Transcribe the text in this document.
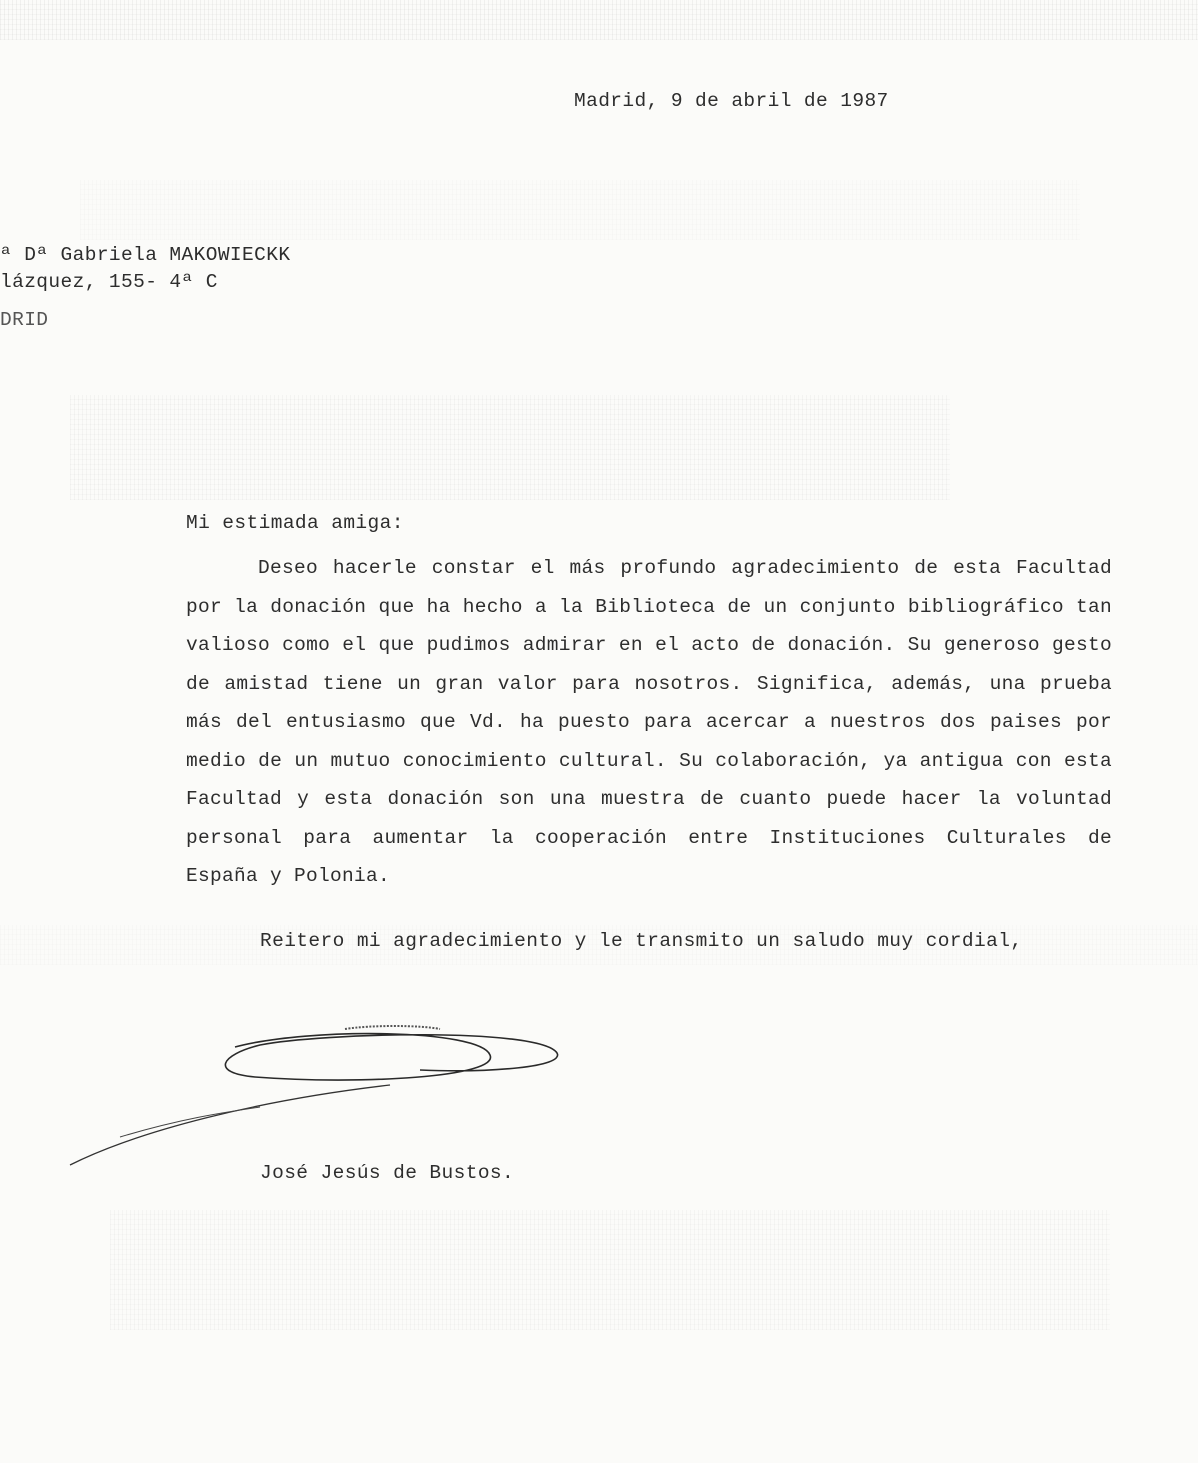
Madrid, 9 de abril de 1987
ª Dª Gabriela MAKOWIECKK
lázquez, 155- 4ª C
DRID
Mi estimada amiga:
Deseo hacerle constar el más profundo agradecimiento de esta Facultad por la donación que ha hecho a la Biblioteca de un conjunto bibliográfico tan valioso como el que pudimos admirar en el acto de donación. Su generoso gesto de amistad tiene un gran valor para nosotros. Significa, además, una prueba más del entusiasmo que Vd. ha puesto para acercar a nuestros dos paises por medio de un mutuo conocimiento cultural. Su colaboración, ya antigua con esta Facultad y esta donación son una muestra de cuanto puede hacer la voluntad personal para aumentar la cooperación entre Instituciones Culturales de España y Polonia.
Reitero mi agradecimiento y le transmito un saludo muy cordial,
José Jesús de Bustos.
